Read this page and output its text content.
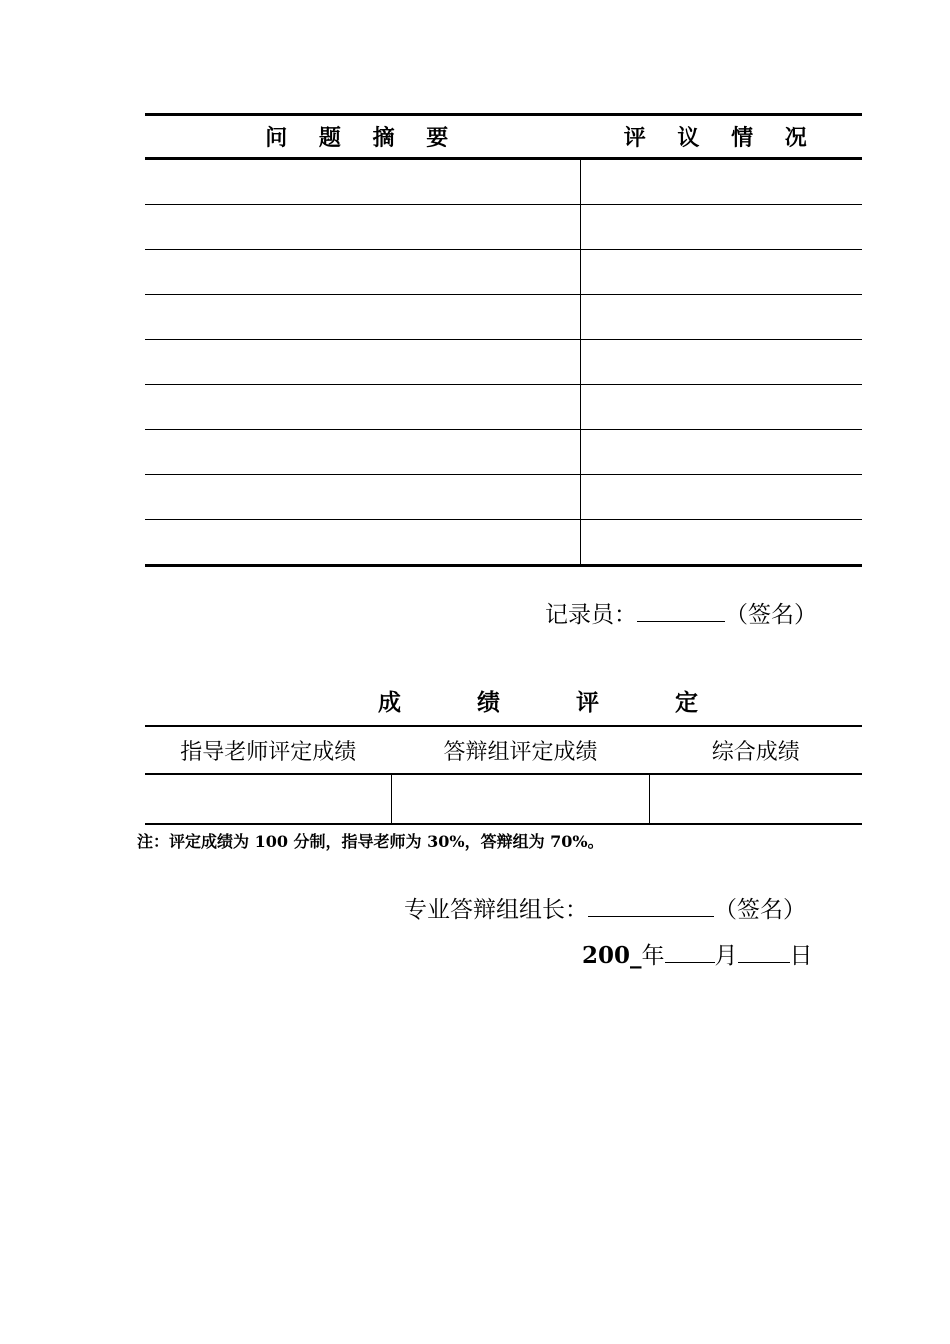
问 题 摘 要	评 议 情 况

记录员：	（签名）
成 绩 评 定
指导老师评定成绩	答辩组评定成绩	综合成绩

注：评定成绩为 100 分制，指导老师为 30%，答辩组为 70%。
专业答辩组组长：	（签名）
200_年 月 日
